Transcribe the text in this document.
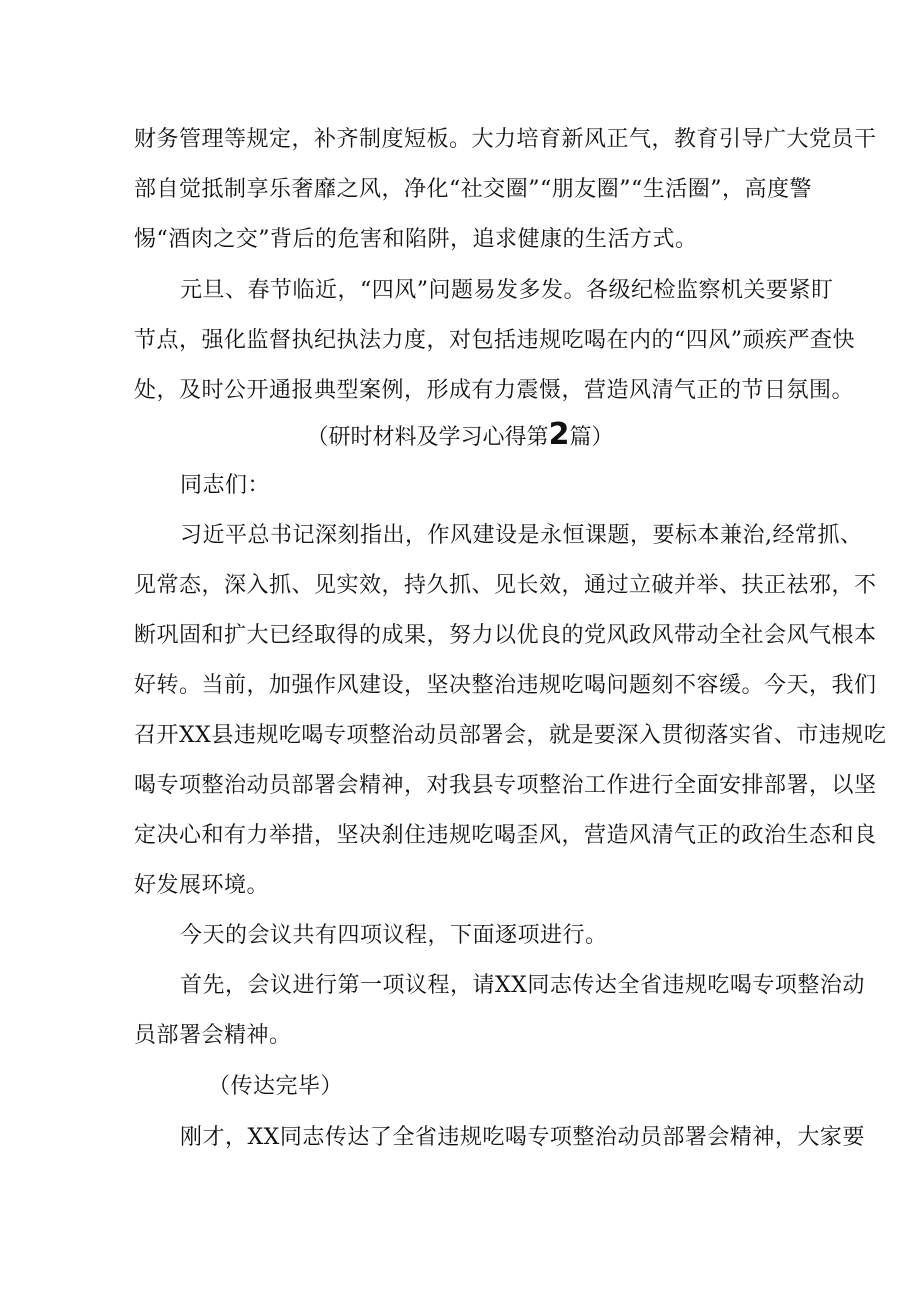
财务管理等规定，补齐制度短板。大力培育新风正气，教育引导广大党员干
部自觉抵制享乐奢靡之风，净化“社交圈”“朋友圈”“生活圈”，高度警
惕“酒肉之交”背后的危害和陷阱，追求健康的生活方式。
元旦、春节临近，“四风”问题易发多发。各级纪检监察机关要紧盯
节点，强化监督执纪执法力度，对包括违规吃喝在内的“四风”顽疾严查快
处，及时公开通报典型案例，形成有力震慑，营造风清气正的节日氛围。
（研时材料及学习心得第2篇）
同志们：
习近平总书记深刻指出，作风建设是永恒课题，要标本兼治,经常抓、
见常态，深入抓、见实效，持久抓、见长效，通过立破并举、扶正祛邪，不
断巩固和扩大已经取得的成果，努力以优良的党风政风带动全社会风气根本
好转。当前，加强作风建设，坚决整治违规吃喝问题刻不容缓。今天，我们
召开XX县违规吃喝专项整治动员部署会，就是要深入贯彻落实省、市违规吃
喝专项整治动员部署会精神，对我县专项整治工作进行全面安排部署，以坚
定决心和有力举措，坚决刹住违规吃喝歪风，营造风清气正的政治生态和良
好发展环境。
今天的会议共有四项议程，下面逐项进行。
首先，会议进行第一项议程，请XX同志传达全省违规吃喝专项整治动
员部署会精神。
（传达完毕）
刚才，XX同志传达了全省违规吃喝专项整治动员部署会精神，大家要
